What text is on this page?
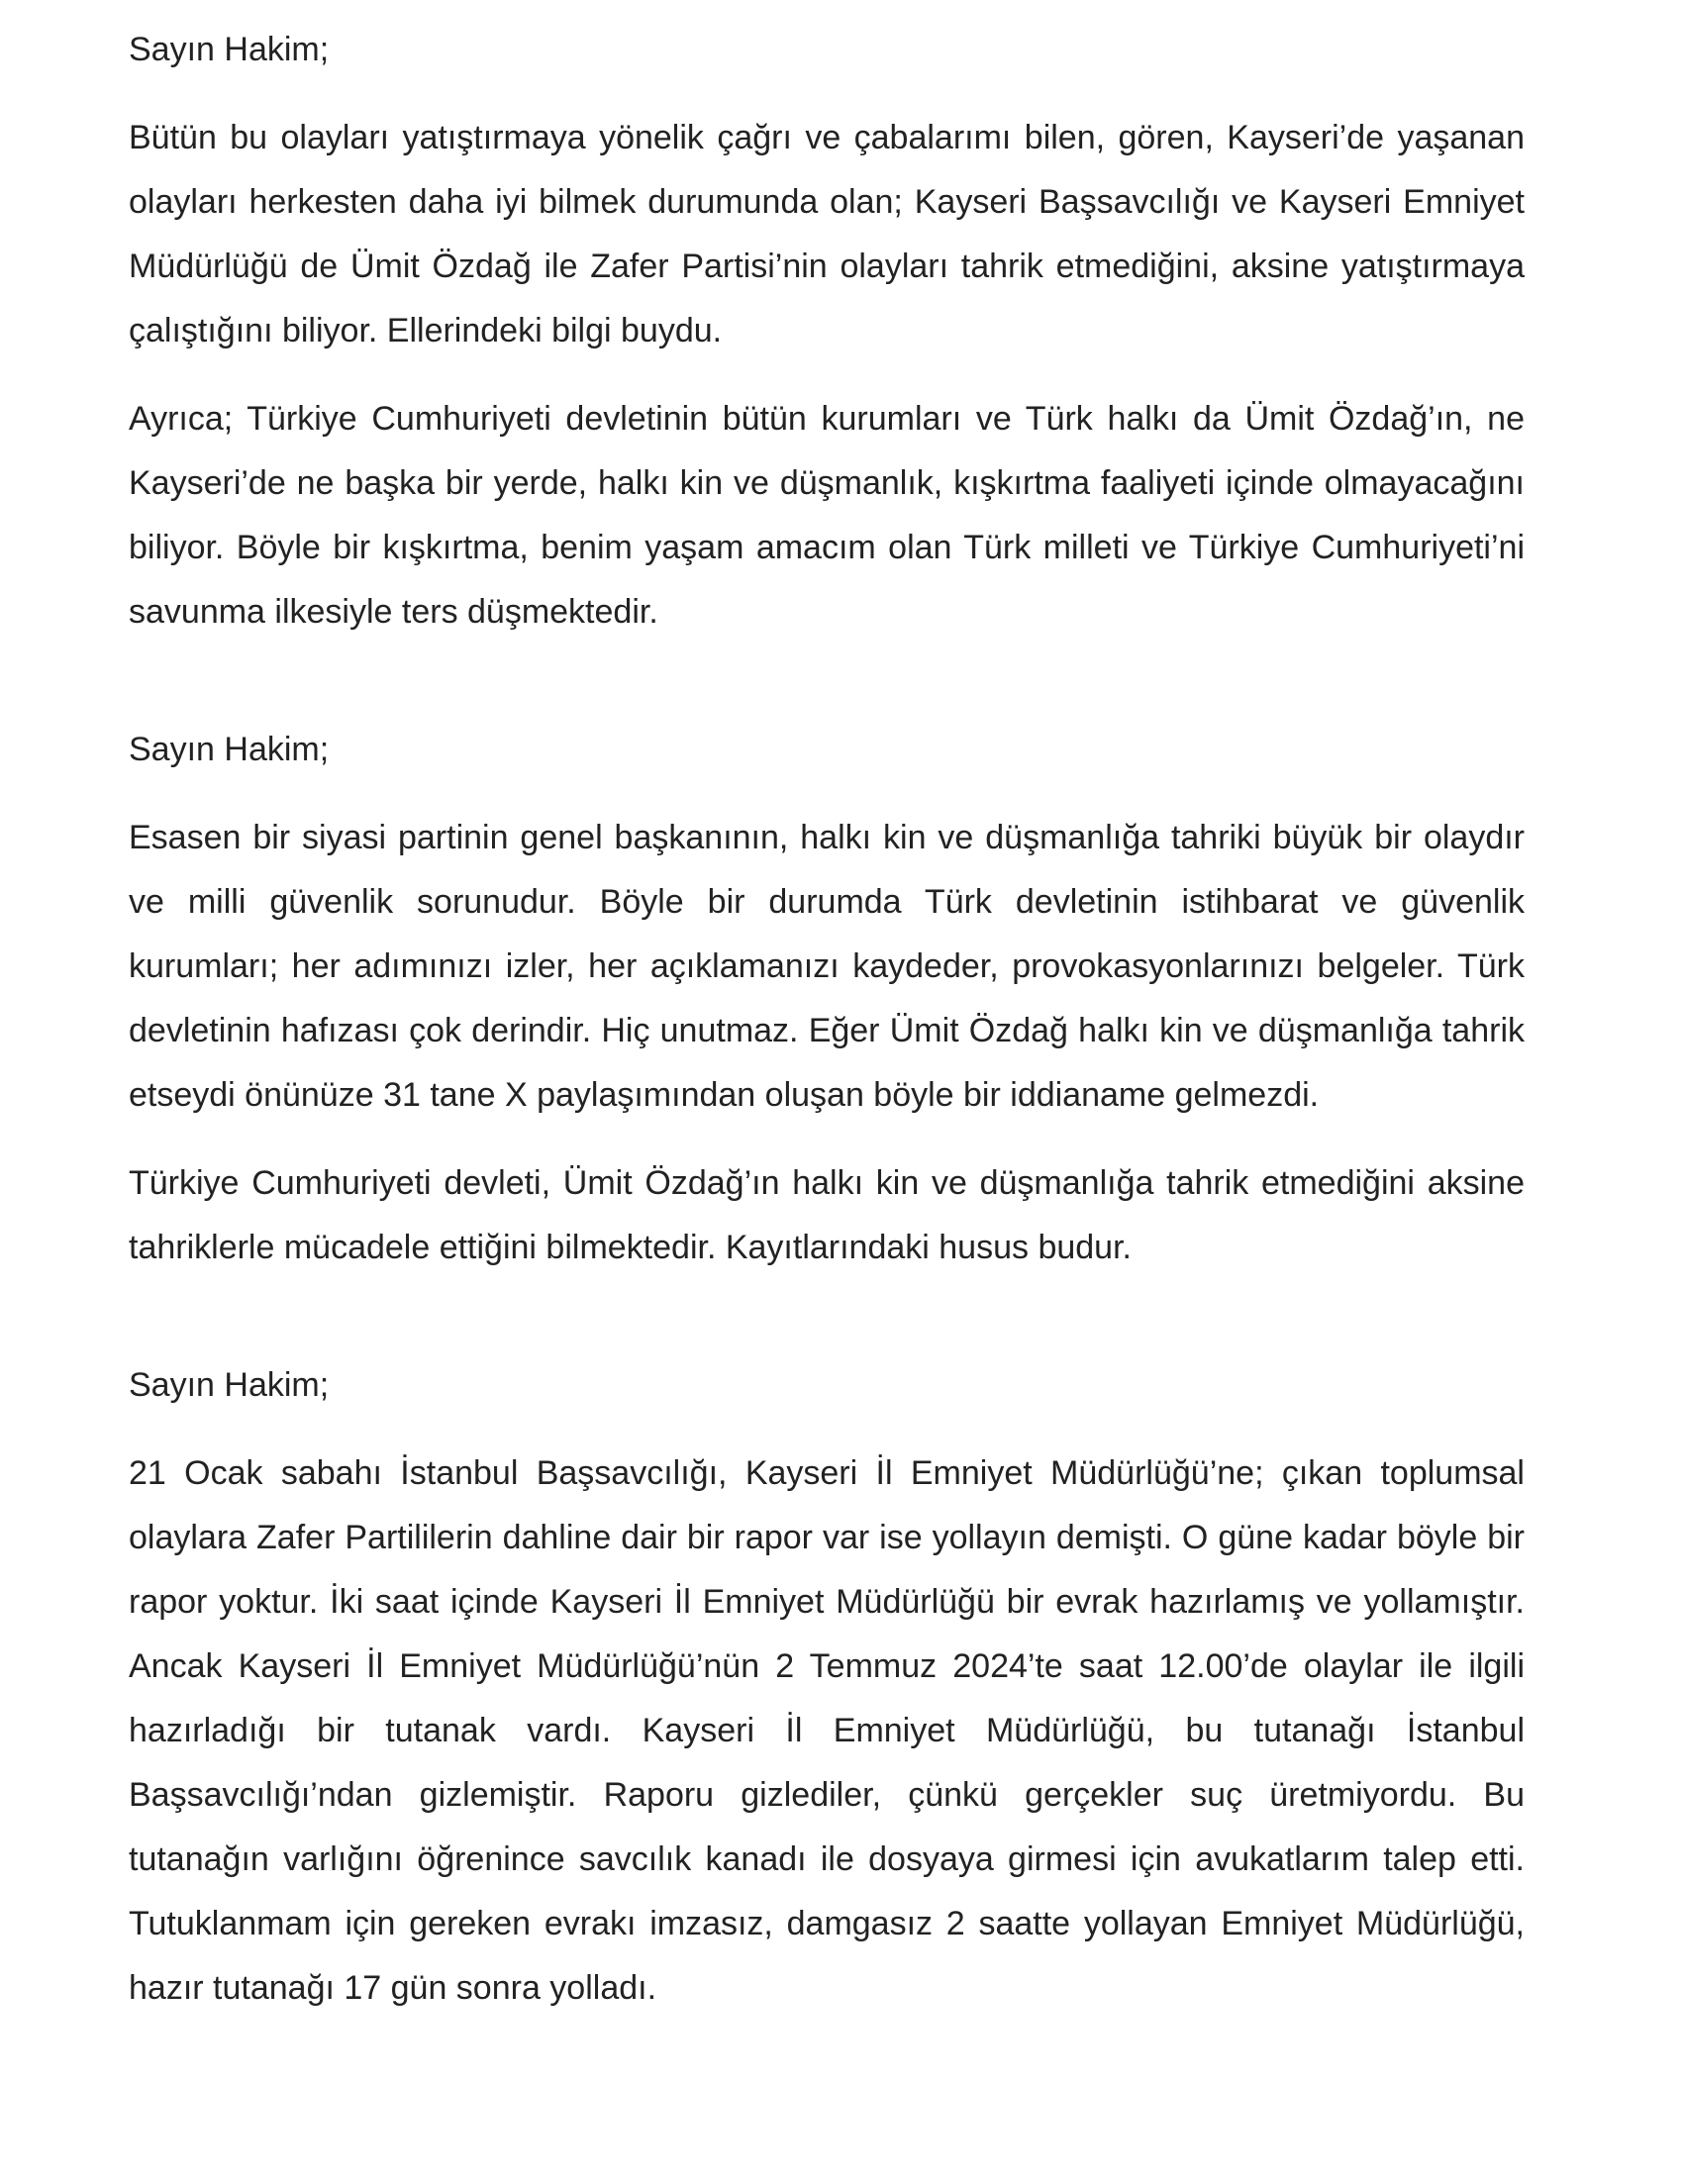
Sayın Hakim;

Bütün bu olayları yatıştırmaya yönelik çağrı ve çabalarımı bilen, gören, Kayseri’de yaşanan olayları herkesten daha iyi bilmek durumunda olan; Kayseri Başsavcılığı ve Kayseri Emniyet Müdürlüğü de Ümit Özdağ ile Zafer Partisi’nin olayları tahrik etmediğini, aksine yatıştırmaya çalıştığını biliyor. Ellerindeki bilgi buydu.

Ayrıca; Türkiye Cumhuriyeti devletinin bütün kurumları ve Türk halkı da Ümit Özdağ’ın, ne Kayseri’de ne başka bir yerde, halkı kin ve düşmanlık, kışkırtma faaliyeti içinde olmayacağını biliyor. Böyle bir kışkırtma, benim yaşam amacım olan Türk milleti ve Türkiye Cumhuriyeti’ni savunma ilkesiyle ters düşmektedir.

Sayın Hakim;

Esasen bir siyasi partinin genel başkanının, halkı kin ve düşmanlığa tahriki büyük bir olaydır ve milli güvenlik sorunudur. Böyle bir durumda Türk devletinin istihbarat ve güvenlik kurumları; her adımınızı izler, her açıklamanızı kaydeder, provokasyonlarınızı belgeler. Türk devletinin hafızası çok derindir. Hiç unutmaz. Eğer Ümit Özdağ halkı kin ve düşmanlığa tahrik etseydi önünüze 31 tane X paylaşımından oluşan böyle bir iddianame gelmezdi.

Türkiye Cumhuriyeti devleti, Ümit Özdağ’ın halkı kin ve düşmanlığa tahrik etmediğini aksine tahriklerle mücadele ettiğini bilmektedir. Kayıtlarındaki husus budur.

Sayın Hakim;

21 Ocak sabahı İstanbul Başsavcılığı, Kayseri İl Emniyet Müdürlüğü’ne; çıkan toplumsal olaylara Zafer Partililerin dahline dair bir rapor var ise yollayın demişti. O güne kadar böyle bir rapor yoktur. İki saat içinde Kayseri İl Emniyet Müdürlüğü bir evrak hazırlamış ve yollamıştır. Ancak Kayseri İl Emniyet Müdürlüğü’nün 2 Temmuz 2024’te saat 12.00’de olaylar ile ilgili hazırladığı bir tutanak vardı. Kayseri İl Emniyet Müdürlüğü, bu tutanağı İstanbul Başsavcılığı’ndan gizlemiştir. Raporu gizlediler, çünkü gerçekler suç üretmiyordu. Bu tutanağın varlığını öğrenince savcılık kanadı ile dosyaya girmesi için avukatlarım talep etti. Tutuklanmam için gereken evrakı imzasız, damgasız 2 saatte yollayan Emniyet Müdürlüğü, hazır tutanağı 17 gün sonra yolladı.
